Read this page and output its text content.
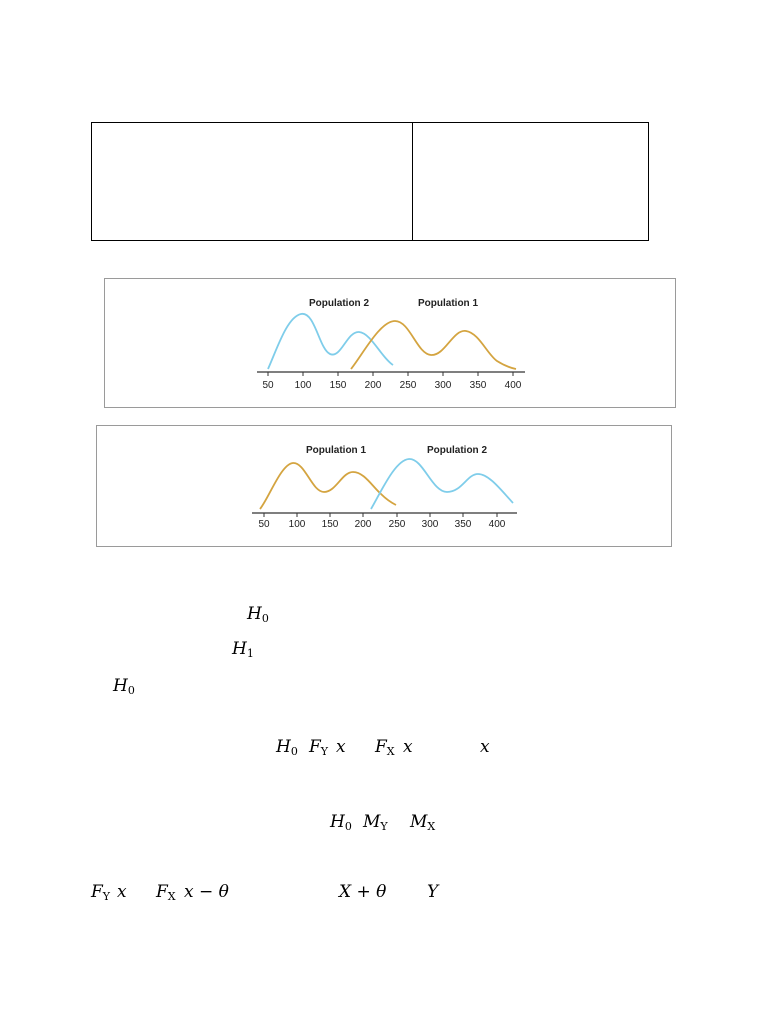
Population 2	Population 1
50 100 150 200 250 300 350 400
Population 1	Population 2
50 100 150 200 250 300 350 400
$H_0$
$H_1$
$H_0$
$H_0$ $F_Y$ x $F_X$ x	x
$H_0$ $M_Y$ $M_X$
$F_Y$ x $F_X$ x − θ	X + θ Y
